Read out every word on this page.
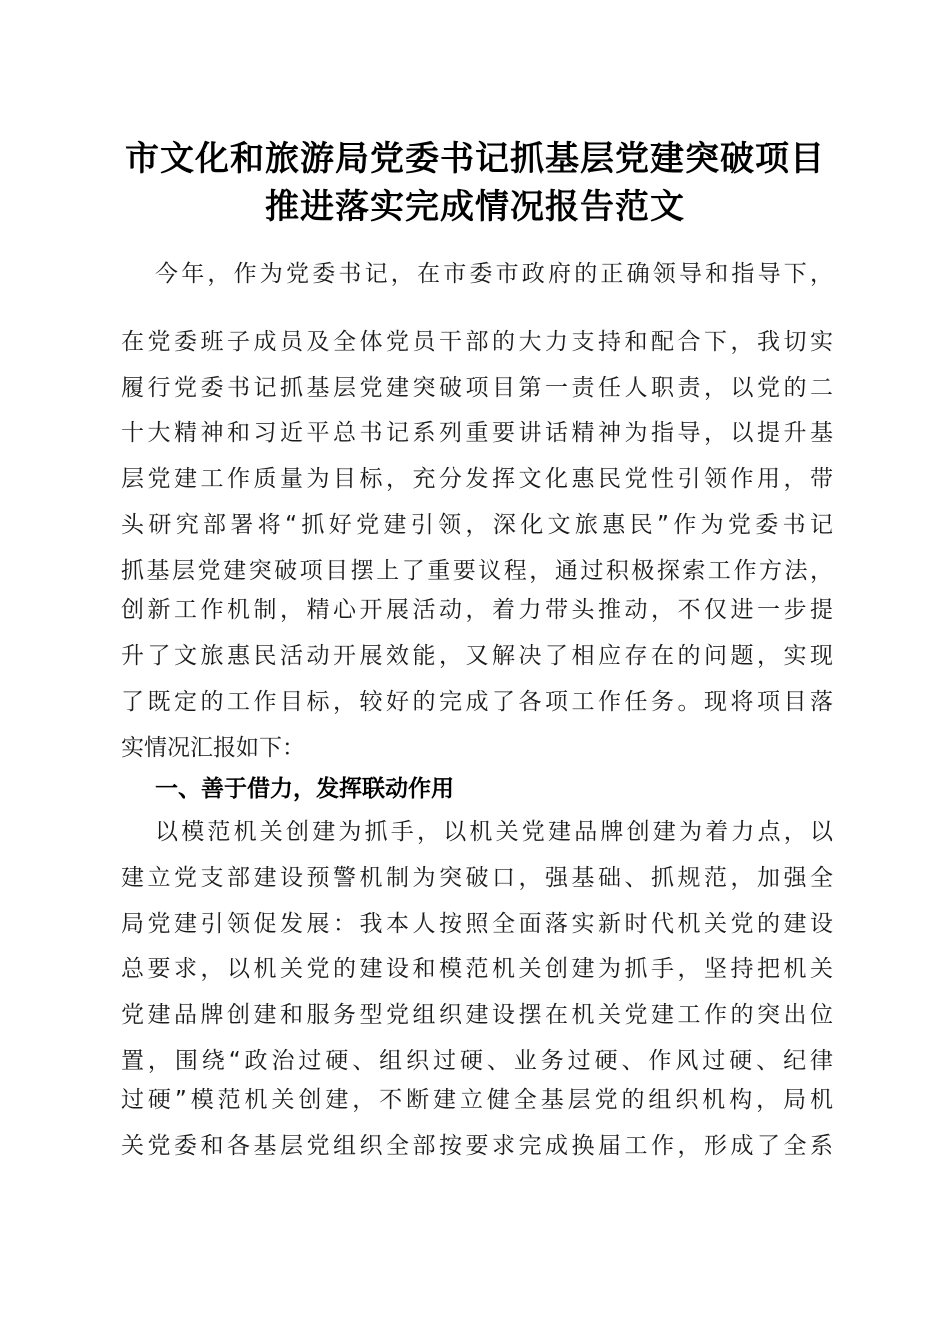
市文化和旅游局党委书记抓基层党建突破项目
推进落实完成情况报告范文
今年，作为党委书记，在市委市政府的正确领导和指导下，
在党委班子成员及全体党员干部的大力支持和配合下，我切实
履行党委书记抓基层党建突破项目第一责任人职责，以党的二
十大精神和习近平总书记系列重要讲话精神为指导，以提升基
层党建工作质量为目标，充分发挥文化惠民党性引领作用，带
头研究部署将“抓好党建引领，深化文旅惠民”作为党委书记
抓基层党建突破项目摆上了重要议程，通过积极探索工作方法，
创新工作机制，精心开展活动，着力带头推动，不仅进一步提
升了文旅惠民活动开展效能，又解决了相应存在的问题，实现
了既定的工作目标，较好的完成了各项工作任务。现将项目落
实情况汇报如下：
一、善于借力，发挥联动作用
以模范机关创建为抓手，以机关党建品牌创建为着力点，以
建立党支部建设预警机制为突破口，强基础、抓规范，加强全
局党建引领促发展：我本人按照全面落实新时代机关党的建设
总要求，以机关党的建设和模范机关创建为抓手，坚持把机关
党建品牌创建和服务型党组织建设摆在机关党建工作的突出位
置，围绕“政治过硬、组织过硬、业务过硬、作风过硬、纪律
过硬”模范机关创建，不断建立健全基层党的组织机构，局机
关党委和各基层党组织全部按要求完成换届工作，形成了全系
